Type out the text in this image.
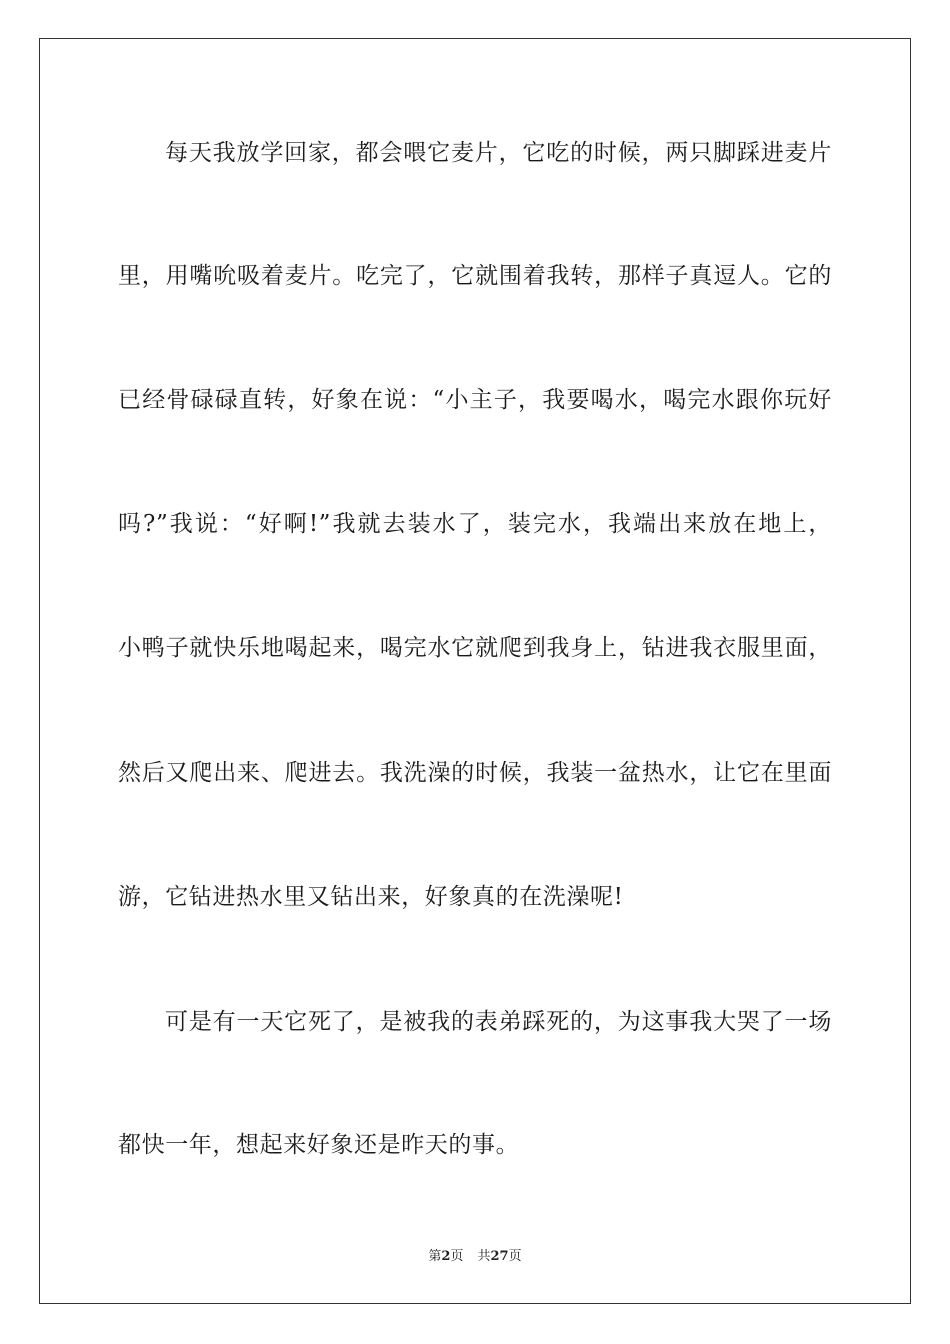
每天我放学回家，都会喂它麦片，它吃的时候，两只脚踩进麦片
里，用嘴吮吸着麦片。吃完了，它就围着我转，那样子真逗人。它的
已经骨碌碌直转，好象在说：“小主子，我要喝水，喝完水跟你玩好
吗?”我说：“好啊!”我就去装水了，装完水，我端出来放在地上，
小鸭子就快乐地喝起来，喝完水它就爬到我身上，钻进我衣服里面，
然后又爬出来、爬进去。我洗澡的时候，我装一盆热水，让它在里面
游，它钻进热水里又钻出来，好象真的在洗澡呢!
可是有一天它死了，是被我的表弟踩死的，为这事我大哭了一场
都快一年，想起来好象还是昨天的事。
第2页 共27页
